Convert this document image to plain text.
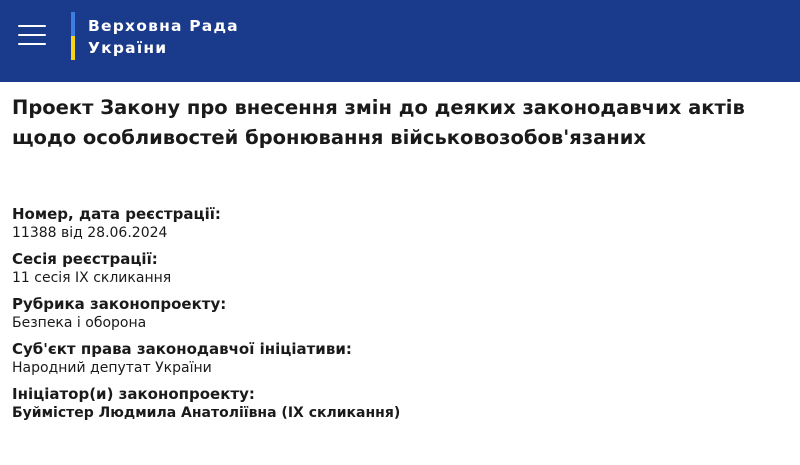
Верховна Рада
України
Проект Закону про внесення змін до деяких законодавчих актів щодо особливостей бронювання військовозобов'язаних
Номер, дата реєстрації:
11388 від 28.06.2024
Сесія реєстрації:
11 сесія IX скликання
Рубрика законопроекту:
Безпека і оборона
Суб'єкт права законодавчої ініціативи:
Народний депутат України
Ініціатор(и) законопроекту:
Буймістер Людмила Анатоліївна (IX скликання)
